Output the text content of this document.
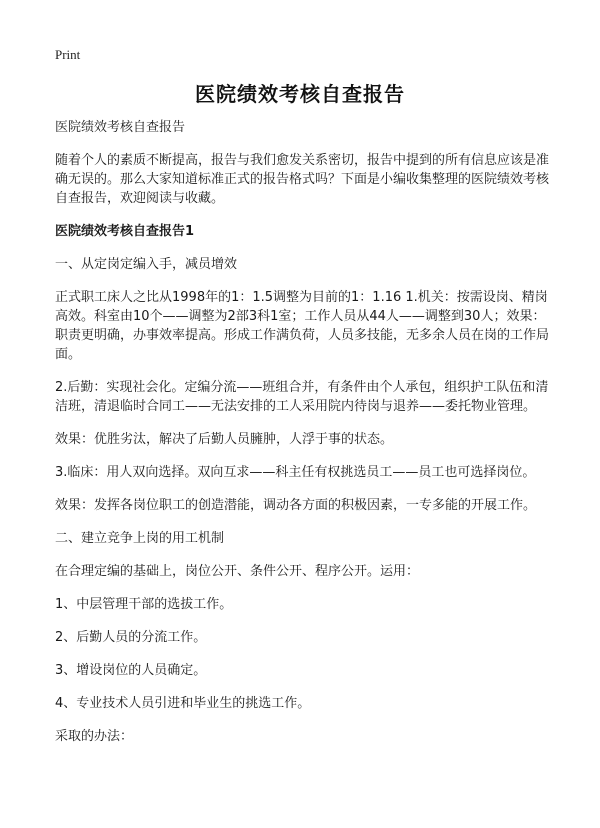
Print
医院绩效考核自查报告

医院绩效考核自查报告

随着个人的素质不断提高，报告与我们愈发关系密切，报告中提到的所有信息应该是准确无误的。那么大家知道标准正式的报告格式吗？下面是小编收集整理的医院绩效考核自查报告，欢迎阅读与收藏。

医院绩效考核自查报告1

一、从定岗定编入手，减员增效

正式职工床人之比从1998年的1：1.5调整为目前的1：1.16 1.机关：按需设岗、精岗高效。科室由10个——调整为2部3科1室；工作人员从44人——调整到30人；效果：职责更明确，办事效率提高。形成工作满负荷，人员多技能，无多余人员在岗的工作局面。

2.后勤：实现社会化。定编分流——班组合并，有条件由个人承包，组织护工队伍和清洁班，清退临时合同工——无法安排的工人采用院内待岗与退养——委托物业管理。

效果：优胜劣汰，解决了后勤人员臃肿，人浮于事的状态。

3.临床：用人双向选择。双向互求——科主任有权挑选员工——员工也可选择岗位。

效果：发挥各岗位职工的创造潜能，调动各方面的积极因素，一专多能的开展工作。

二、建立竞争上岗的用工机制

在合理定编的基础上，岗位公开、条件公开、程序公开。运用：

1、中层管理干部的选拔工作。

2、后勤人员的分流工作。

3、增设岗位的人员确定。

4、专业技术人员引进和毕业生的挑选工作。

采取的办法：
